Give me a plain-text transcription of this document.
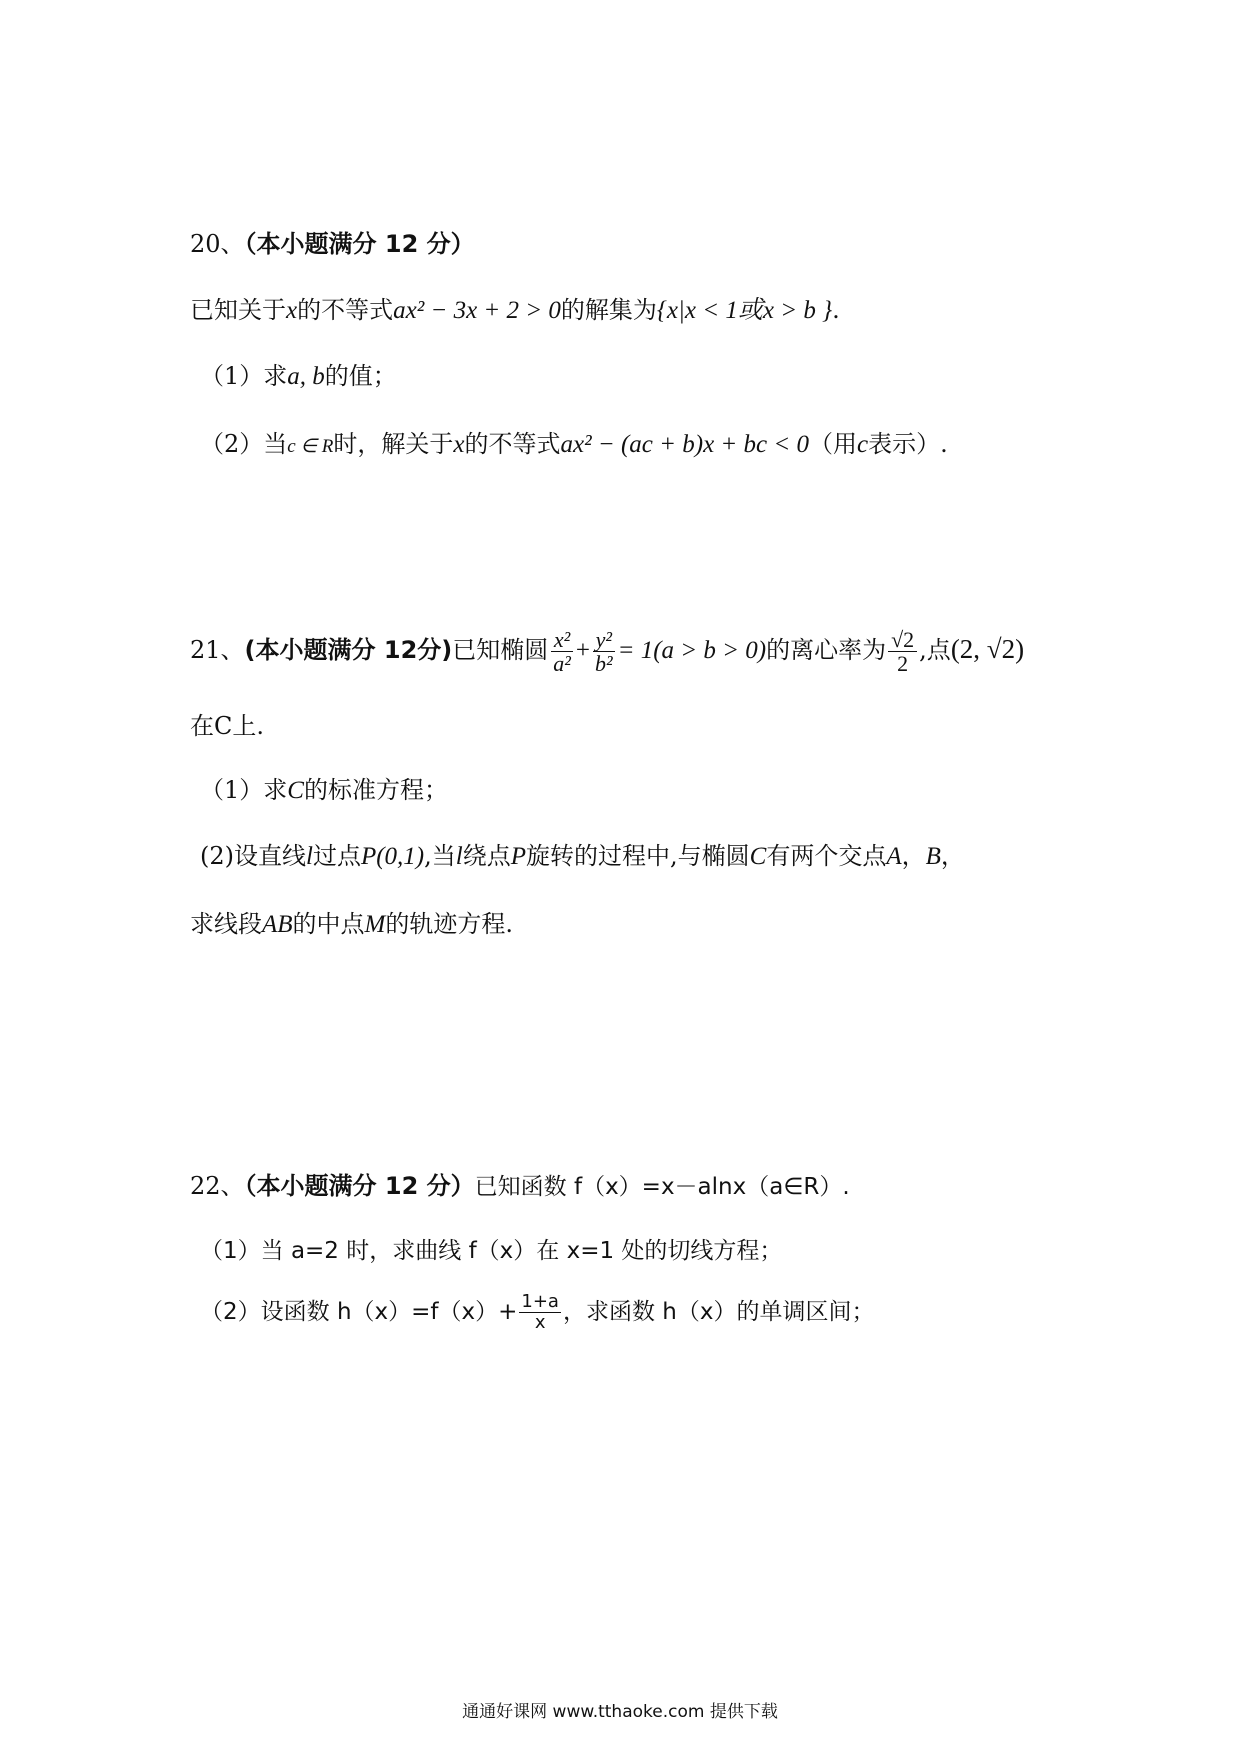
20、（本小题满分 12 分）
已知关于x的不等式ax² − 3x + 2 > 0的解集为{x|x < 1或x > b }.
（1）求a, b的值；
（2）当c ∈ R时，解关于x的不等式ax² − (ac + b)x + bc < 0（用c表示）.
21、(本小题满分 12分)已知椭圆 $\frac{\text{x²}}{\text{a²}} + \frac{\text{y²}}{\text{b²}} = 1(a > b > 0)$的离心率为 $\frac{√2}{2}$ ,点(2, √2)
在C上.
（1）求C的标准方程；
(2)设直线l过点P(0,1),当l绕点P旋转的过程中,与椭圆C有两个交点A，B，
求线段AB的中点M的轨迹方程.
22、（本小题满分 12 分）已知函数 f（x）=x－alnx（a∈R）.
（1）当 a=2 时，求曲线 f（x）在 x=1 处的切线方程；
（2）设函数 $h(x)=f(x)+ \frac{1+a}{x}$ ，求函数 h（x）的单调区间；
通通好课网 www.tthaoke.com 提供下载
